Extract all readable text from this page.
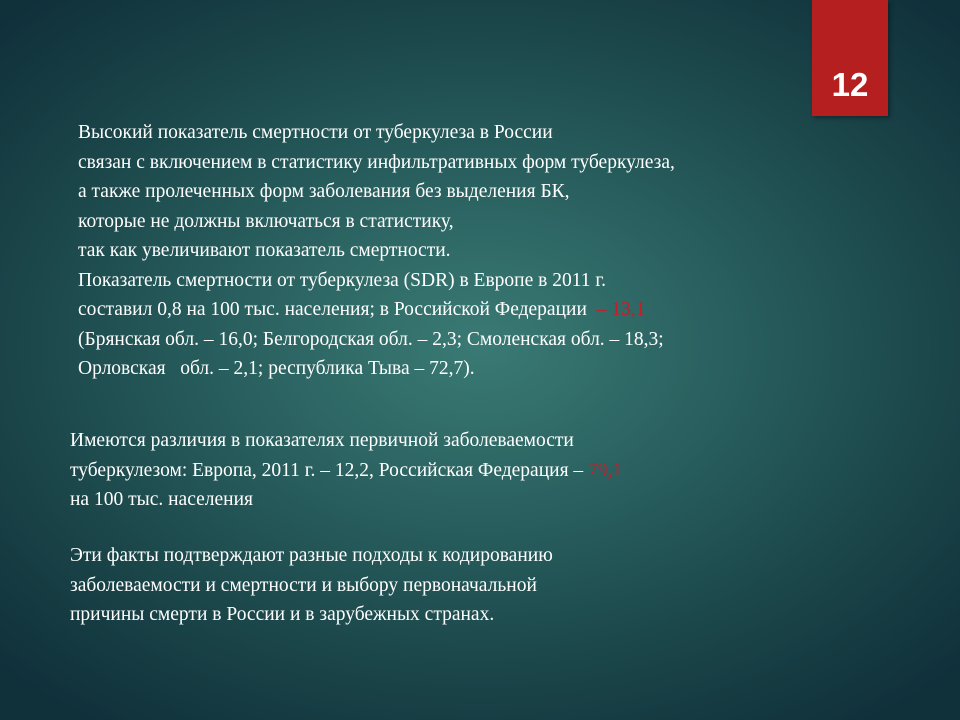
12
Высокий показатель смертности от туберкулеза в России
связан с включением в статистику инфильтративных форм туберкулеза,
а также пролеченных форм заболевания без выделения БК,
которые не должны включаться в статистику,
так как увеличивают показатель смертности.
Показатель смертности от туберкулеза (SDR) в Европе в 2011 г.
составил 0,8 на 100 тыс. населения; в Российской Федерации  – 13,1
(Брянская обл. – 16,0; Белгородская обл. – 2,3; Смоленская обл. – 18,3;
Орловская   обл. – 2,1; республика Тыва – 72,7).
Имеются различия в показателях первичной заболеваемости
туберкулезом: Европа, 2011 г. – 12,2, Российская Федерация – 79,1
на 100 тыс. населения
Эти факты подтверждают разные подходы к кодированию
заболеваемости и смертности и выбору первоначальной
причины смерти в России и в зарубежных странах.
